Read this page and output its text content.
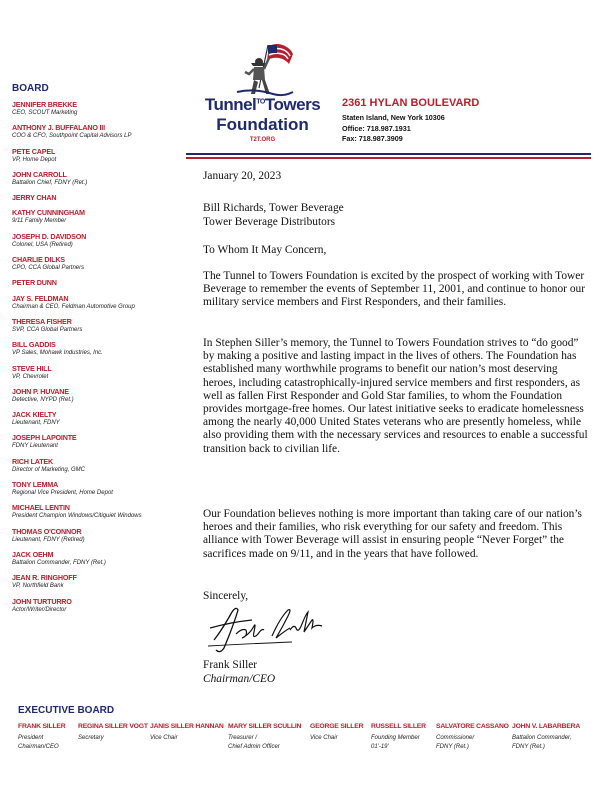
Tunnel$^{TO}$Towers
Foundation
T2T.ORG
2361 HYLAN BOULEVARD
Staten Island, New York 10306
Office: 718.987.1931
Fax: 718.987.3909
BOARD
JENNIFER BREKKE
CEO, SCOUT Marketing
ANTHONY J. BUFFALANO III
COO & CFO, Southpoint Capital Advisors LP
PETE CAPEL
VP, Home Depot
JOHN CARROLL
Battalion Chief, FDNY (Ret.)
JERRY CHAN
KATHY CUNNINGHAM
9/11 Family Member
JOSEPH D. DAVIDSON
Colonel, USA (Retired)
CHARLIE DILKS
CPO, CCA Global Partners
PETER DUNN
JAY S. FELDMAN
Chairman & CEO, Feldman Automotive Group
THERESA FISHER
SVP, CCA Global Partners
BILL GADDIS
VP Sales, Mohawk Industries, Inc.
STEVE HILL
VP, Chevrolet
JOHN P. HUVANE
Detective, NYPD (Ret.)
JACK KIELTY
Lieutenant, FDNY
JOSEPH LAPOINTE
FDNY Lieutenant
RICH LATEK
Director of Marketing, GMC
TONY LEMMA
Regional Vice President, Home Depot
MICHAEL LENTIN
President Champion Windows/Citiquiet Windows
THOMAS O'CONNOR
Lieutenant, FDNY (Retired)
JACK OEHM
Battalion Commander, FDNY (Ret.)
JEAN R. RINGHOFF
VP, Northfield Bank
JOHN TURTURRO
Actor/Writer/Director
January 20, 2023
Bill Richards, Tower Beverage
Tower Beverage Distributors
To Whom It May Concern,
The Tunnel to Towers Foundation is excited by the prospect of working with Tower Beverage to remember the events of September 11, 2001, and continue to honor our military service members and First Responders, and their families.
In Stephen Siller’s memory, the Tunnel to Towers Foundation strives to “do good” by making a positive and lasting impact in the lives of others. The Foundation has established many worthwhile programs to benefit our nation’s most deserving heroes, including catastrophically-injured service members and first responders, as well as fallen First Responder and Gold Star families, to whom the Foundation provides mortgage-free homes. Our latest initiative seeks to eradicate homelessness among the nearly 40,000 United States veterans who are presently homeless, while also providing them with the necessary services and resources to enable a successful transition back to civilian life.
Our Foundation believes nothing is more important than taking care of our nation’s heroes and their families, who risk everything for our safety and freedom. This alliance with Tower Beverage will assist in ensuring people “Never Forget” the sacrifices made on 9/11, and in the years that have followed.
Sincerely,
Frank Siller
Chairman/CEO
EXECUTIVE BOARD
FRANK SILLER
President
Chairman/CEO
REGINA SILLER VOGT
Secretary
JANIS SILLER HANNAN
Vice Chair
MARY SILLER SCULLIN
Treasurer /
Chief Admin Officer
GEORGE SILLER
Vice Chair
RUSSELL SILLER
Founding Member
01'-19'
SALVATORE CASSANO
Commissioner
FDNY (Ret.)
JOHN V. LABARBERA
Battalion Commander,
FDNY (Ret.)
